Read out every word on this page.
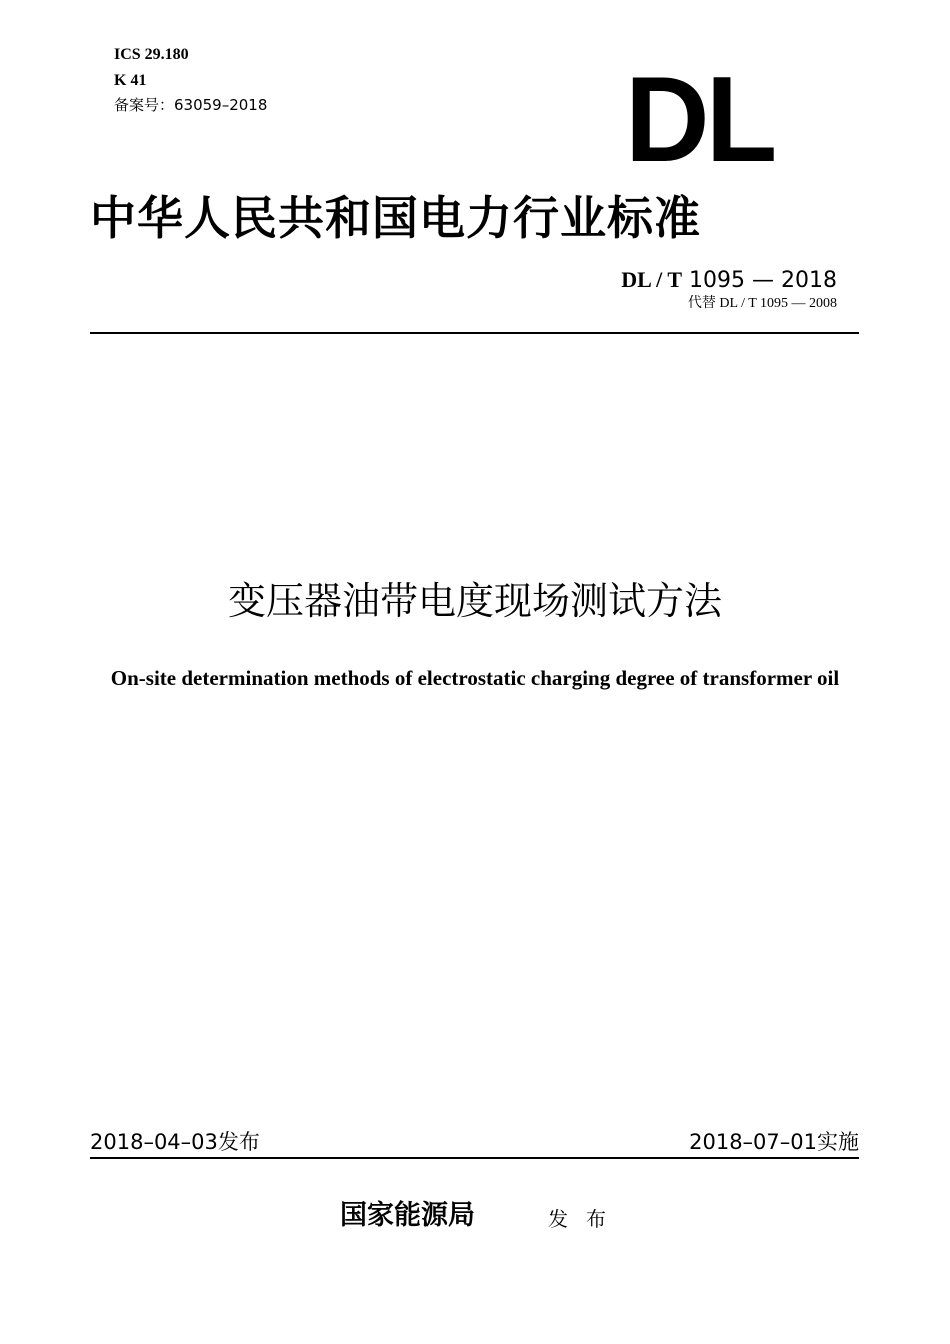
ICS 29.180
K 41
备案号：63059–2018	DL
中华人民共和国电力行业标准
DL / T 1095 — 2018
代替 DL / T 1095 — 2008
变压器油带电度现场测试方法
On-site determination methods of electrostatic charging degree of transformer oil
2018–04–03发布	2018–07–01实施
国家能源局	发布
